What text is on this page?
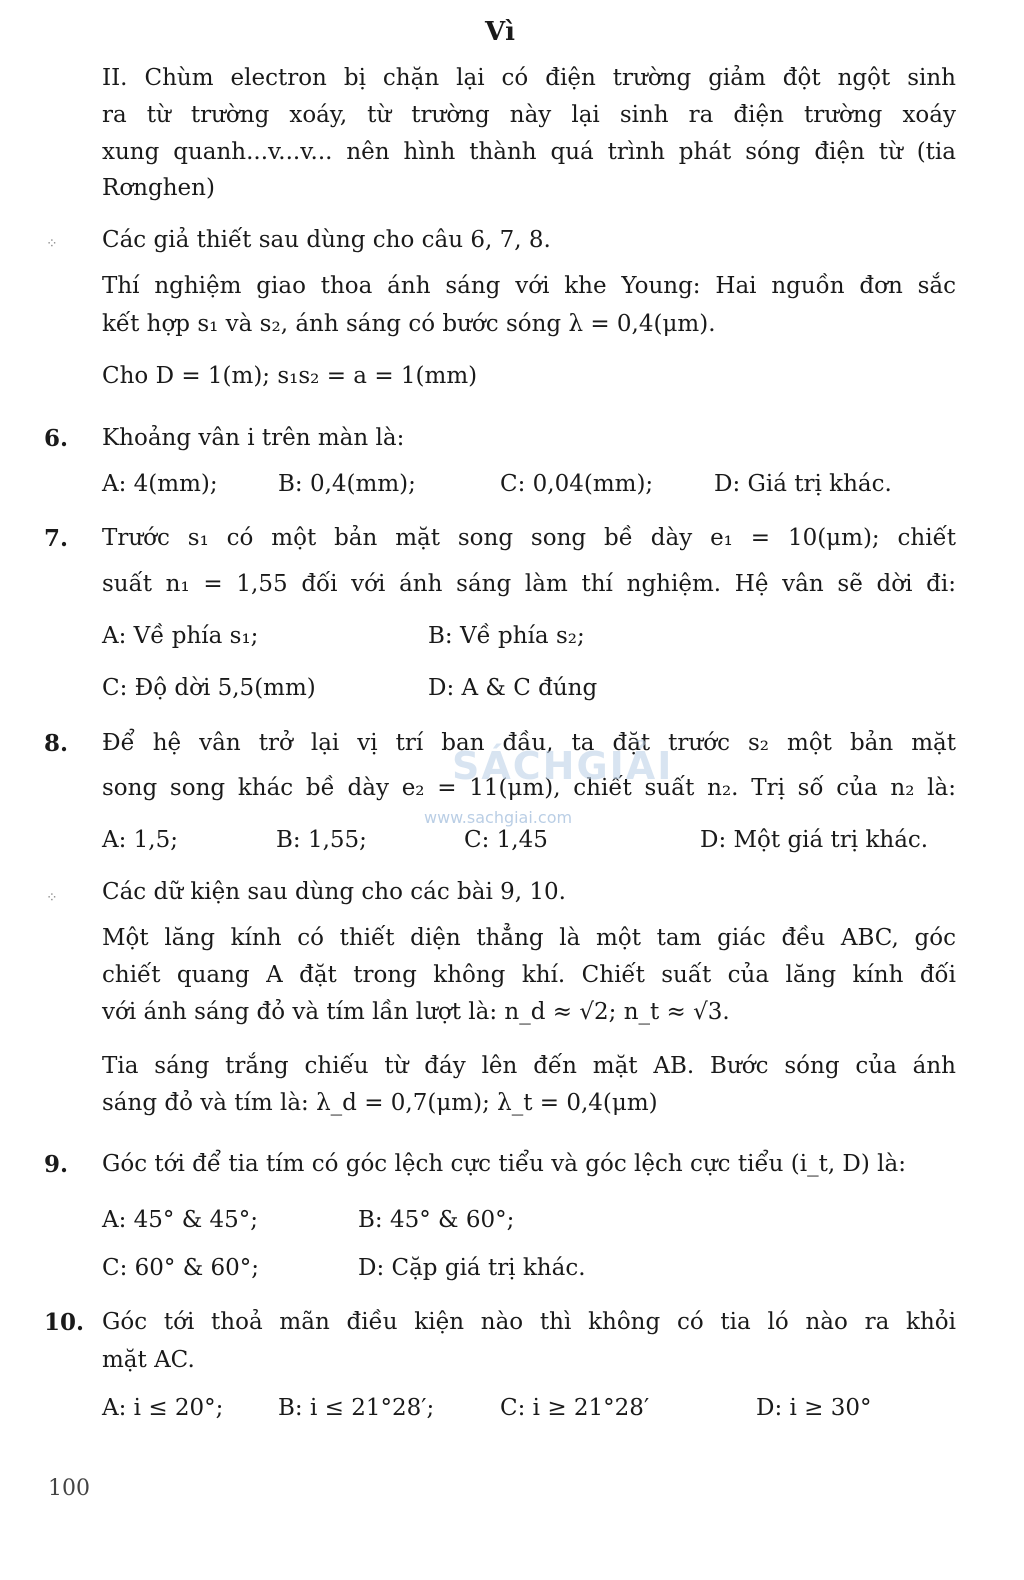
Vì
II. Chùm electron bị chặn lại có điện trường giảm đột ngột sinh
ra từ trường xoáy, từ trường này lại sinh ra điện trường xoáy
xung quanh...v...v... nên hình thành quá trình phát sóng điện từ (tia
Rơnghen)
⁘ Các giả thiết sau dùng cho câu 6, 7, 8.
Thí nghiệm giao thoa ánh sáng với khe Young: Hai nguồn đơn sắc
kết hợp s₁ và s₂, ánh sáng có bước sóng λ = 0,4(μm).
Cho D = 1(m); s₁s₂ = a = 1(mm)
6. Khoảng vân i trên màn là:
A: 4(mm);	B: 0,4(mm);	C: 0,04(mm);	D: Giá trị khác.
7. Trước s₁ có một bản mặt song song bề dày e₁ = 10(μm); chiết
suất n₁ = 1,55 đối với ánh sáng làm thí nghiệm. Hệ vân sẽ dời đi:
A: Về phía s₁;	B: Về phía s₂;
C: Độ dời 5,5(mm)	D: A & C đúng
8. Để hệ vân trở lại vị trí ban đầu, ta đặt trước s₂ một bản mặt
song song khác bề dày e₂ = 11(μm), chiết suất n₂. Trị số của n₂ là:
A: 1,5;	B: 1,55;	C: 1,45	D: Một giá trị khác.
SÁCHGIẢI
www.sachgiai.com
⁘ Các dữ kiện sau dùng cho các bài 9, 10.
Một lăng kính có thiết diện thẳng là một tam giác đều ABC, góc
chiết quang A đặt trong không khí. Chiết suất của lăng kính đối
với ánh sáng đỏ và tím lần lượt là: n_d ≈ √2; n_t ≈ √3.
Tia sáng trắng chiếu từ đáy lên đến mặt AB. Bước sóng của ánh
sáng đỏ và tím là: λ_d = 0,7(μm); λ_t = 0,4(μm)
9. Góc tới để tia tím có góc lệch cực tiểu và góc lệch cực tiểu (i_t, D) là:
A: 45° & 45°;	B: 45° & 60°;
C: 60° & 60°;	D: Cặp giá trị khác.
10. Góc tới thoả mãn điều kiện nào thì không có tia ló nào ra khỏi
mặt AC.
A: i ≤ 20°; B: i ≤ 21°28′;	C: i ≥ 21°28′	D: i ≥ 30°
100
